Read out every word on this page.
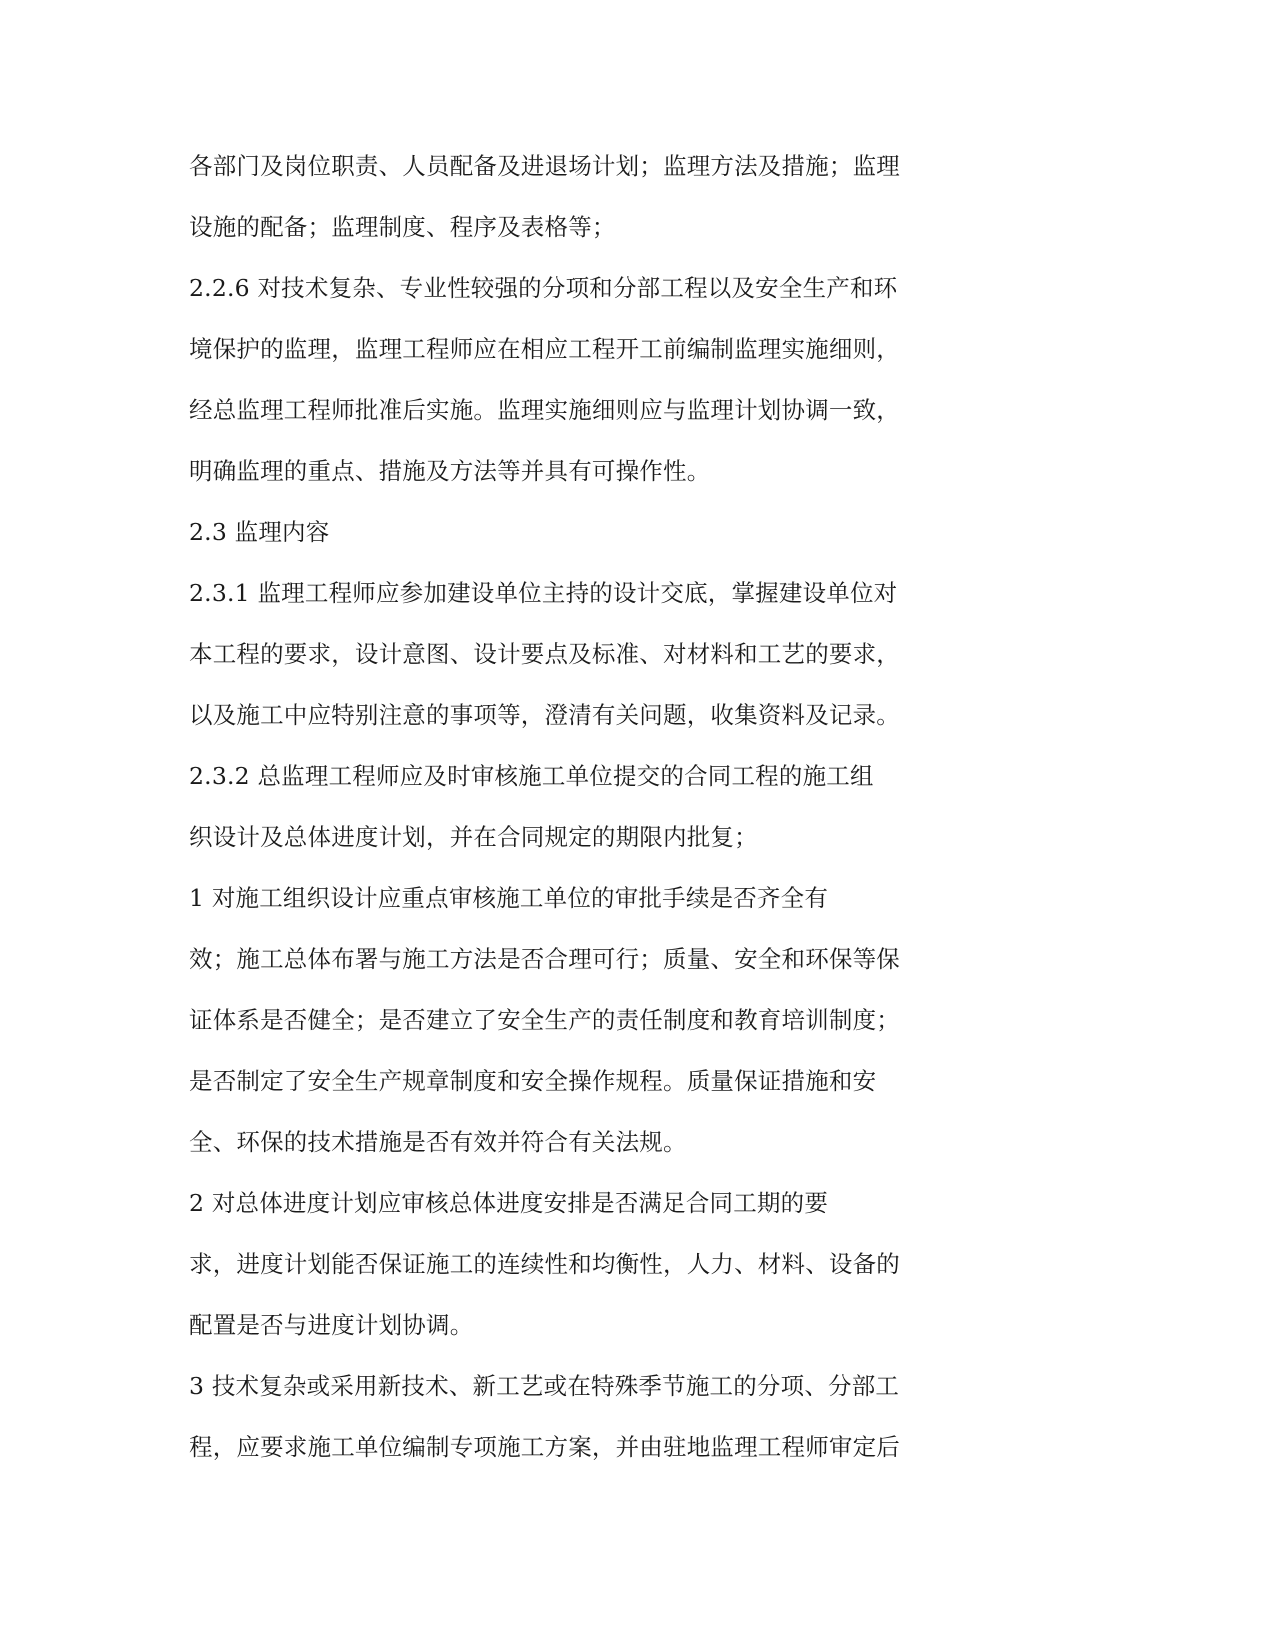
各部门及岗位职责、人员配备及进退场计划；监理方法及措施；监理
设施的配备；监理制度、程序及表格等；
2.2.6 对技术复杂、专业性较强的分项和分部工程以及安全生产和环
境保护的监理，监理工程师应在相应工程开工前编制监理实施细则，
经总监理工程师批准后实施。监理实施细则应与监理计划协调一致，
明确监理的重点、措施及方法等并具有可操作性。
2.3 监理内容
2.3.1 监理工程师应参加建设单位主持的设计交底，掌握建设单位对
本工程的要求，设计意图、设计要点及标准、对材料和工艺的要求，
以及施工中应特别注意的事项等，澄清有关问题，收集资料及记录。
2.3.2 总监理工程师应及时审核施工单位提交的合同工程的施工组
织设计及总体进度计划，并在合同规定的期限内批复；
1 对施工组织设计应重点审核施工单位的审批手续是否齐全有
效；施工总体布署与施工方法是否合理可行；质量、安全和环保等保
证体系是否健全；是否建立了安全生产的责任制度和教育培训制度；
是否制定了安全生产规章制度和安全操作规程。质量保证措施和安
全、环保的技术措施是否有效并符合有关法规。
2 对总体进度计划应审核总体进度安排是否满足合同工期的要
求，进度计划能否保证施工的连续性和均衡性，人力、材料、设备的
配置是否与进度计划协调。
3 技术复杂或采用新技术、新工艺或在特殊季节施工的分项、分部工
程，应要求施工单位编制专项施工方案，并由驻地监理工程师审定后
